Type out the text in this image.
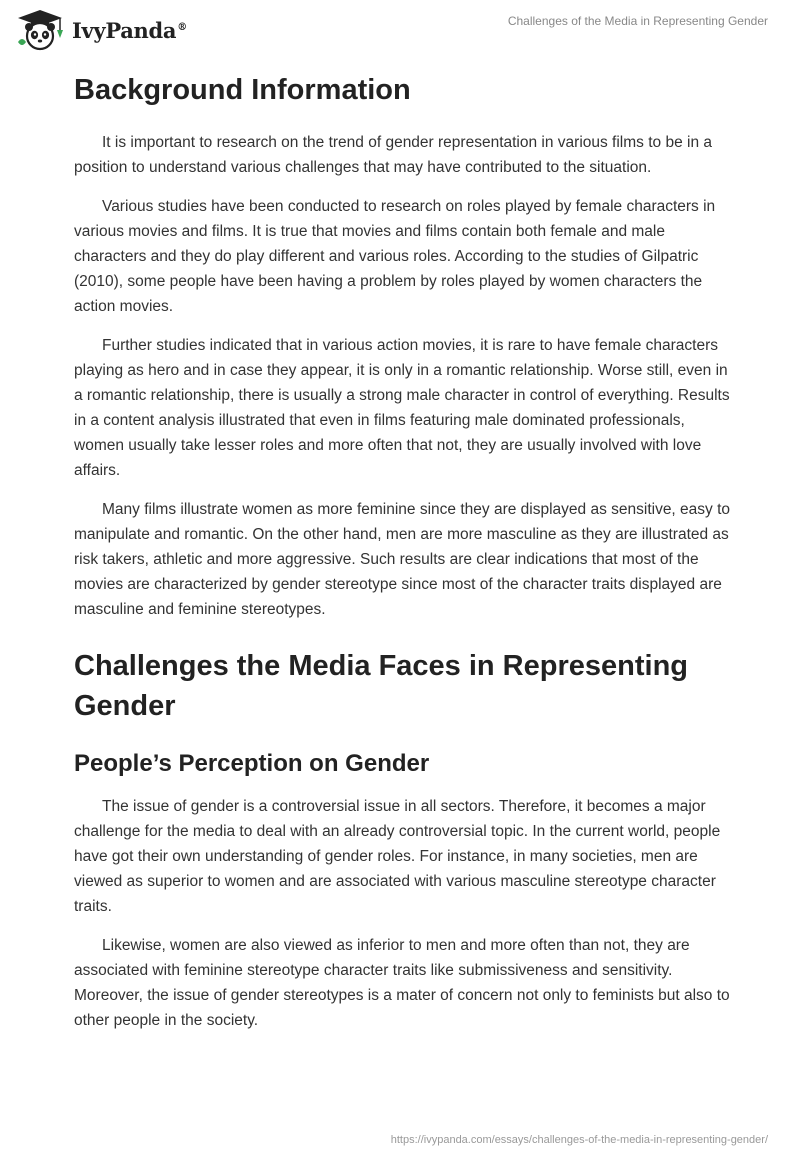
IvyPanda®	Challenges of the Media in Representing Gender
Background Information

It is important to research on the trend of gender representation in various films to be in a position to understand various challenges that may have contributed to the situation.

Various studies have been conducted to research on roles played by female characters in various movies and films. It is true that movies and films contain both female and male characters and they do play different and various roles. According to the studies of Gilpatric (2010), some people have been having a problem by roles played by women characters the action movies.

Further studies indicated that in various action movies, it is rare to have female characters playing as hero and in case they appear, it is only in a romantic relationship. Worse still, even in a romantic relationship, there is usually a strong male character in control of everything. Results in a content analysis illustrated that even in films featuring male dominated professionals, women usually take lesser roles and more often that not, they are usually involved with love affairs.

Many films illustrate women as more feminine since they are displayed as sensitive, easy to manipulate and romantic. On the other hand, men are more masculine as they are illustrated as risk takers, athletic and more aggressive. Such results are clear indications that most of the movies are characterized by gender stereotype since most of the character traits displayed are masculine and feminine stereotypes.

Challenges the Media Faces in Representing Gender
People’s Perception on Gender

The issue of gender is a controversial issue in all sectors. Therefore, it becomes a major challenge for the media to deal with an already controversial topic. In the current world, people have got their own understanding of gender roles. For instance, in many societies, men are viewed as superior to women and are associated with various masculine stereotype character traits.

Likewise, women are also viewed as inferior to men and more often than not, they are associated with feminine stereotype character traits like submissiveness and sensitivity. Moreover, the issue of gender stereotypes is a mater of concern not only to feminists but also to other people in the society.

https://ivypanda.com/essays/challenges-of-the-media-in-representing-gender/
